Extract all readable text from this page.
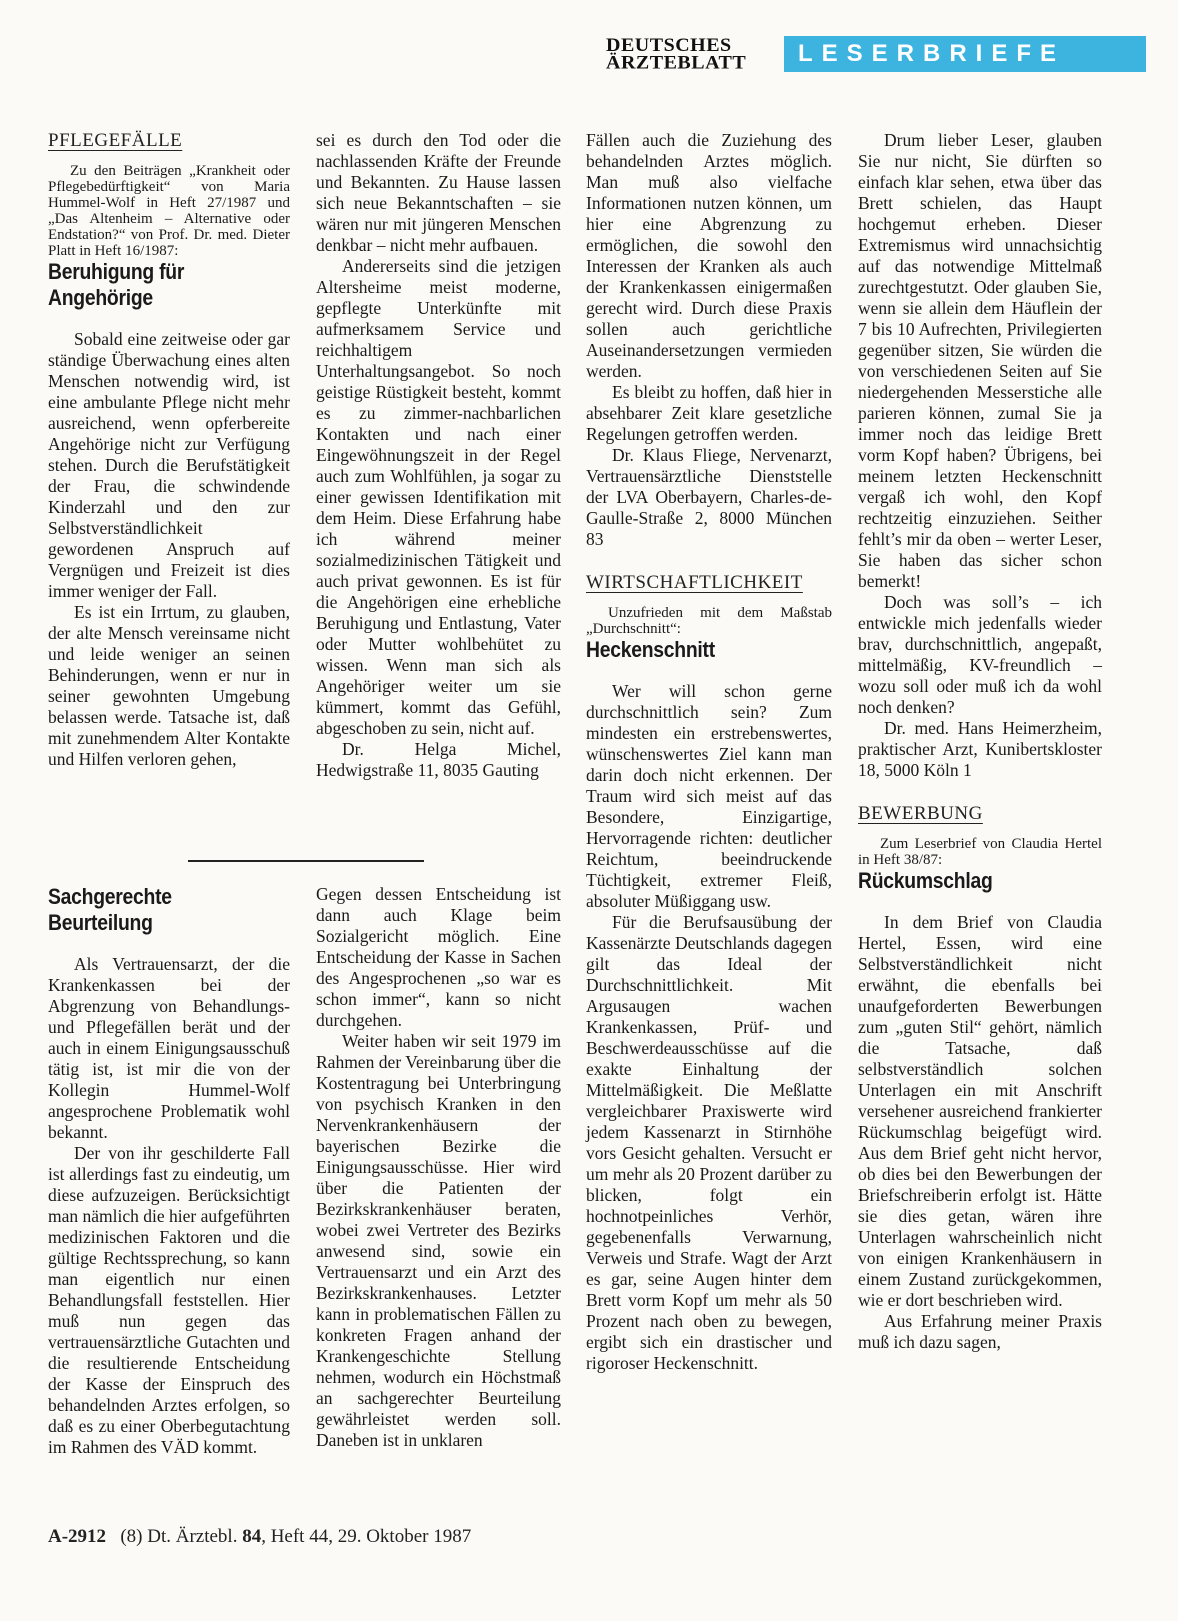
DEUTSCHES
ÄRZTEBLATT	LESERBRIEFE
PFLEGEFÄLLE

Zu den Beiträgen „Krankheit oder Pflegebedürftigkeit“ von Maria Hummel-Wolf in Heft 27/1987 und „Das Altenheim – Alternative oder Endstation?“ von Prof. Dr. med. Dieter Platt in Heft 16/1987:

Beruhigung für Angehörige

Sobald eine zeitweise oder gar ständige Überwachung eines alten Menschen notwendig wird, ist eine ambulante Pflege nicht mehr ausreichend, wenn opferbereite Angehörige nicht zur Verfügung stehen. Durch die Berufstätigkeit der Frau, die schwindende Kinderzahl und den zur Selbstverständlichkeit gewordenen Anspruch auf Vergnügen und Freizeit ist dies immer weniger der Fall.

Es ist ein Irrtum, zu glauben, der alte Mensch vereinsame nicht und leide weniger an seinen Behinderungen, wenn er nur in seiner gewohnten Umgebung belassen werde. Tatsache ist, daß mit zunehmendem Alter Kontakte und Hilfen verloren gehen,

sei es durch den Tod oder die nachlassenden Kräfte der Freunde und Bekannten. Zu Hause lassen sich neue Bekanntschaften – sie wären nur mit jüngeren Menschen denkbar – nicht mehr aufbauen.

Andererseits sind die jetzigen Altersheime meist moderne, gepflegte Unterkünfte mit aufmerksamem Service und reichhaltigem Unterhaltungsangebot. So noch geistige Rüstigkeit besteht, kommt es zu zimmer-nachbarlichen Kontakten und nach einer Eingewöhnungszeit in der Regel auch zum Wohlfühlen, ja sogar zu einer gewissen Identifikation mit dem Heim. Diese Erfahrung habe ich während meiner sozialmedizinischen Tätigkeit und auch privat gewonnen. Es ist für die Angehörigen eine erhebliche Beruhigung und Entlastung, Vater oder Mutter wohlbehütet zu wissen. Wenn man sich als Angehöriger weiter um sie kümmert, kommt das Gefühl, abgeschoben zu sein, nicht auf.

Dr. Helga Michel, Hedwigstraße 11, 8035 Gauting

Sachgerechte Beurteilung

Als Vertrauensarzt, der die Krankenkassen bei der Abgrenzung von Behandlungs- und Pflegefällen berät und der auch in einem Einigungsausschuß tätig ist, ist mir die von der Kollegin Hummel-Wolf angesprochene Problematik wohl bekannt.

Der von ihr geschilderte Fall ist allerdings fast zu eindeutig, um diese aufzuzeigen. Berücksichtigt man nämlich die hier aufgeführten medizinischen Faktoren und die gültige Rechtssprechung, so kann man eigentlich nur einen Behandlungsfall feststellen. Hier muß nun gegen das vertrauensärztliche Gutachten und die resultierende Entscheidung der Kasse der Einspruch des behandelnden Arztes erfolgen, so daß es zu einer Oberbegutachtung im Rahmen des VÄD kommt.

Gegen dessen Entscheidung ist dann auch Klage beim Sozialgericht möglich. Eine Entscheidung der Kasse in Sachen des Angesprochenen „so war es schon immer“, kann so nicht durchgehen.

Weiter haben wir seit 1979 im Rahmen der Vereinbarung über die Kostentragung bei Unterbringung von psychisch Kranken in den Nervenkrankenhäusern der bayerischen Bezirke die Einigungsausschüsse. Hier wird über die Patienten der Bezirkskrankenhäuser beraten, wobei zwei Vertreter des Bezirks anwesend sind, sowie ein Vertrauensarzt und ein Arzt des Bezirkskrankenhauses. Letzter kann in problematischen Fällen zu konkreten Fragen anhand der Krankengeschichte Stellung nehmen, wodurch ein Höchstmaß an sachgerechter Beurteilung gewährleistet werden soll. Daneben ist in unklaren

Fällen auch die Zuziehung des behandelnden Arztes möglich. Man muß also vielfache Informationen nutzen können, um hier eine Abgrenzung zu ermöglichen, die sowohl den Interessen der Kranken als auch der Krankenkassen einigermaßen gerecht wird. Durch diese Praxis sollen auch gerichtliche Auseinandersetzungen vermieden werden.

Es bleibt zu hoffen, daß hier in absehbarer Zeit klare gesetzliche Regelungen getroffen werden.

Dr. Klaus Fliege, Nervenarzt, Vertrauensärztliche Dienststelle der LVA Oberbayern, Charles-de-Gaulle-Straße 2, 8000 München 83

WIRTSCHAFTLICHKEIT

Unzufrieden mit dem Maßstab „Durchschnitt“:

Heckenschnitt

Wer will schon gerne durchschnittlich sein? Zum mindesten ein erstrebenswertes, wünschenswertes Ziel kann man darin doch nicht erkennen. Der Traum wird sich meist auf das Besondere, Einzigartige, Hervorragende richten: deutlicher Reichtum, beeindruckende Tüchtigkeit, extremer Fleiß, absoluter Müßiggang usw.

Für die Berufsausübung der Kassenärzte Deutschlands dagegen gilt das Ideal der Durchschnittlichkeit. Mit Argusaugen wachen Krankenkassen, Prüf- und Beschwerdeausschüsse auf die exakte Einhaltung der Mittelmäßigkeit. Die Meßlatte vergleichbarer Praxiswerte wird jedem Kassenarzt in Stirnhöhe vors Gesicht gehalten. Versucht er um mehr als 20 Prozent darüber zu blicken, folgt ein hochnotpeinliches Verhör, gegebenenfalls Verwarnung, Verweis und Strafe. Wagt der Arzt es gar, seine Augen hinter dem Brett vorm Kopf um mehr als 50 Prozent nach oben zu bewegen, ergibt sich ein drastischer und rigoroser Heckenschnitt.

Drum lieber Leser, glauben Sie nur nicht, Sie dürften so einfach klar sehen, etwa über das Brett schielen, das Haupt hochgemut erheben. Dieser Extremismus wird unnachsichtig auf das notwendige Mittelmaß zurechtgestutzt. Oder glauben Sie, wenn sie allein dem Häuflein der 7 bis 10 Aufrechten, Privilegierten gegenüber sitzen, Sie würden die von verschiedenen Seiten auf Sie niedergehenden Messerstiche alle parieren können, zumal Sie ja immer noch das leidige Brett vorm Kopf haben? Übrigens, bei meinem letzten Heckenschnitt vergaß ich wohl, den Kopf rechtzeitig einzuziehen. Seither fehlt’s mir da oben – werter Leser, Sie haben das sicher schon bemerkt!

Doch was soll’s – ich entwickle mich jedenfalls wieder brav, durchschnittlich, angepaßt, mittelmäßig, KV-freundlich – wozu soll oder muß ich da wohl noch denken?

Dr. med. Hans Heimerzheim, praktischer Arzt, Kunibertskloster 18, 5000 Köln 1

BEWERBUNG

Zum Leserbrief von Claudia Hertel in Heft 38/87:

Rückumschlag

In dem Brief von Claudia Hertel, Essen, wird eine Selbstverständlichkeit nicht erwähnt, die ebenfalls bei unaufgeforderten Bewerbungen zum „guten Stil“ gehört, nämlich die Tatsache, daß selbstverständlich solchen Unterlagen ein mit Anschrift versehener ausreichend frankierter Rückumschlag beigefügt wird. Aus dem Brief geht nicht hervor, ob dies bei den Bewerbungen der Briefschreiberin erfolgt ist. Hätte sie dies getan, wären ihre Unterlagen wahrscheinlich nicht von einigen Krankenhäusern in einem Zustand zurückgekommen, wie er dort beschrieben wird.

Aus Erfahrung meiner Praxis muß ich dazu sagen,

A-2912 (8) Dt. Ärztebl. 84, Heft 44, 29. Oktober 1987
